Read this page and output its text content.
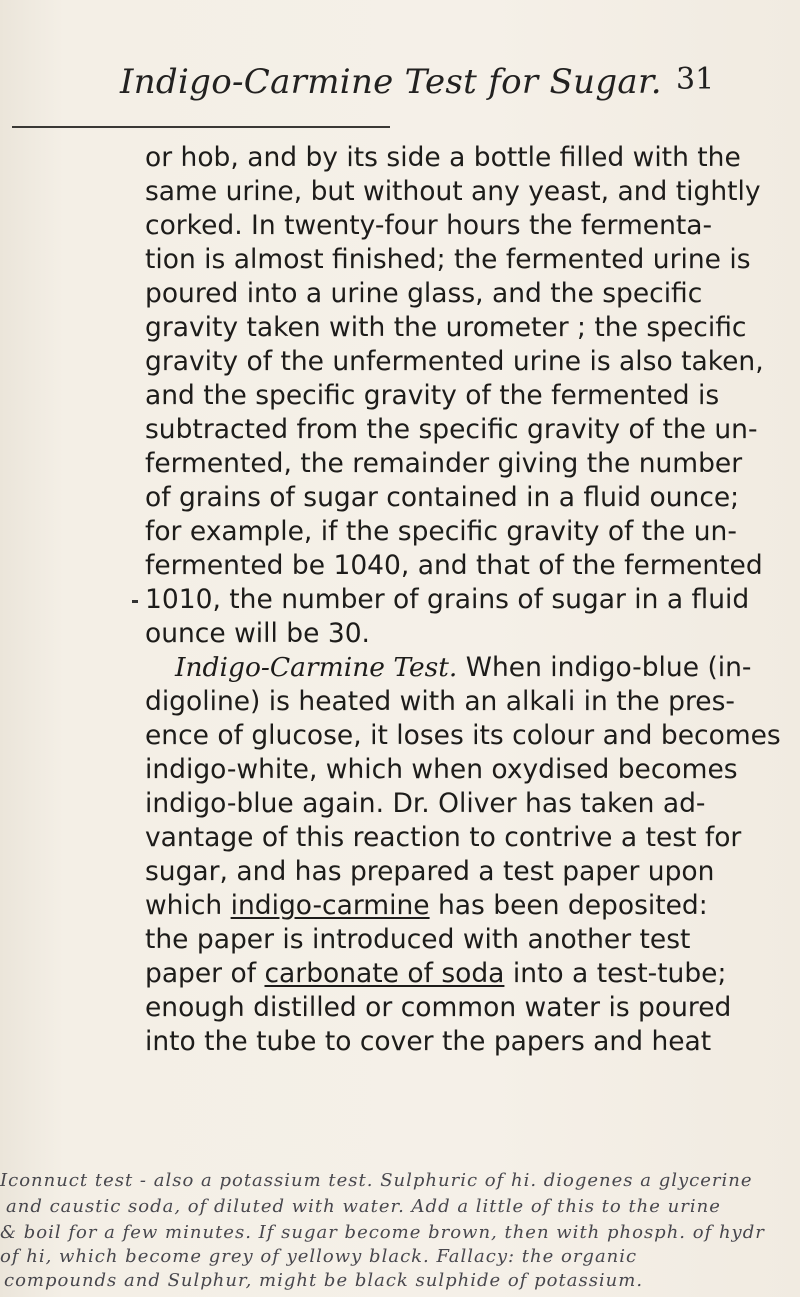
Indigo-Carmine Test for Sugar. 31
or hob, and by its side a bottle filled with the
same urine, but without any yeast, and tightly
corked. In twenty-four hours the fermenta-
tion is almost finished; the fermented urine is
poured into a urine glass, and the specific
gravity taken with the urometer ; the specific
gravity of the unfermented urine is also taken,
and the specific gravity of the fermented is
subtracted from the specific gravity of the un-
fermented, the remainder giving the number
of grains of sugar contained in a fluid ounce;
for example, if the specific gravity of the un-
fermented be 1040, and that of the fermented
1010, the number of grains of sugar in a fluid
ounce will be 30.
Indigo-Carmine Test. When indigo-blue (in-
digoline) is heated with an alkali in the pres-
ence of glucose, it loses its colour and becomes
indigo-white, which when oxydised becomes
indigo-blue again. Dr. Oliver has taken ad-
vantage of this reaction to contrive a test for
sugar, and has prepared a test paper upon
which indigo-carmine has been deposited:
the paper is introduced with another test
paper of carbonate of soda into a test-tube;
enough distilled or common water is poured
into the tube to cover the papers and heat
Iconnuct test - also a potassium test. Sulphuric of hi. diogenes a glycerine
and caustic soda, of diluted with water. Add a little of this to the urine
& boil for a few minutes. If sugar become brown, then with phosph. of hydr
of hi, which become grey of yellowy black. Fallacy: the organic
compounds and Sulphur, might be black sulphide of potassium.
